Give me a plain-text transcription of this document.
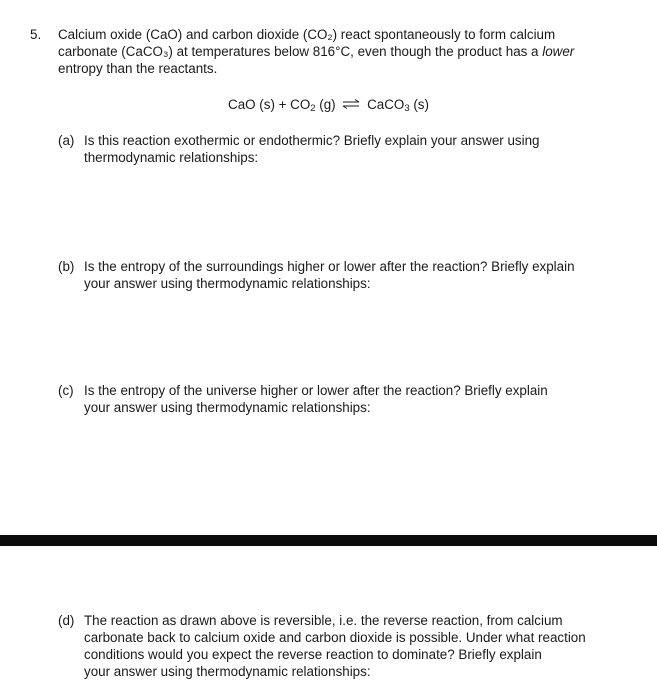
5. Calcium oxide (CaO) and carbon dioxide (CO₂) react spontaneously to form calcium
carbonate (CaCO₃) at temperatures below 816°C, even though the product has a lower
entropy than the reactants.
CaO $(s) + CO_2$ (g) ⇌ CaCO$_3$ (s)
(a) Is this reaction exothermic or endothermic? Briefly explain your answer using
thermodynamic relationships:
(b) Is the entropy of the surroundings higher or lower after the reaction? Briefly explain
your answer using thermodynamic relationships:
(c) Is the entropy of the universe higher or lower after the reaction? Briefly explain
your answer using thermodynamic relationships:
(d) The reaction as drawn above is reversible, i.e. the reverse reaction, from calcium
carbonate back to calcium oxide and carbon dioxide is possible. Under what reaction
conditions would you expect the reverse reaction to dominate? Briefly explain
your answer using thermodynamic relationships:
